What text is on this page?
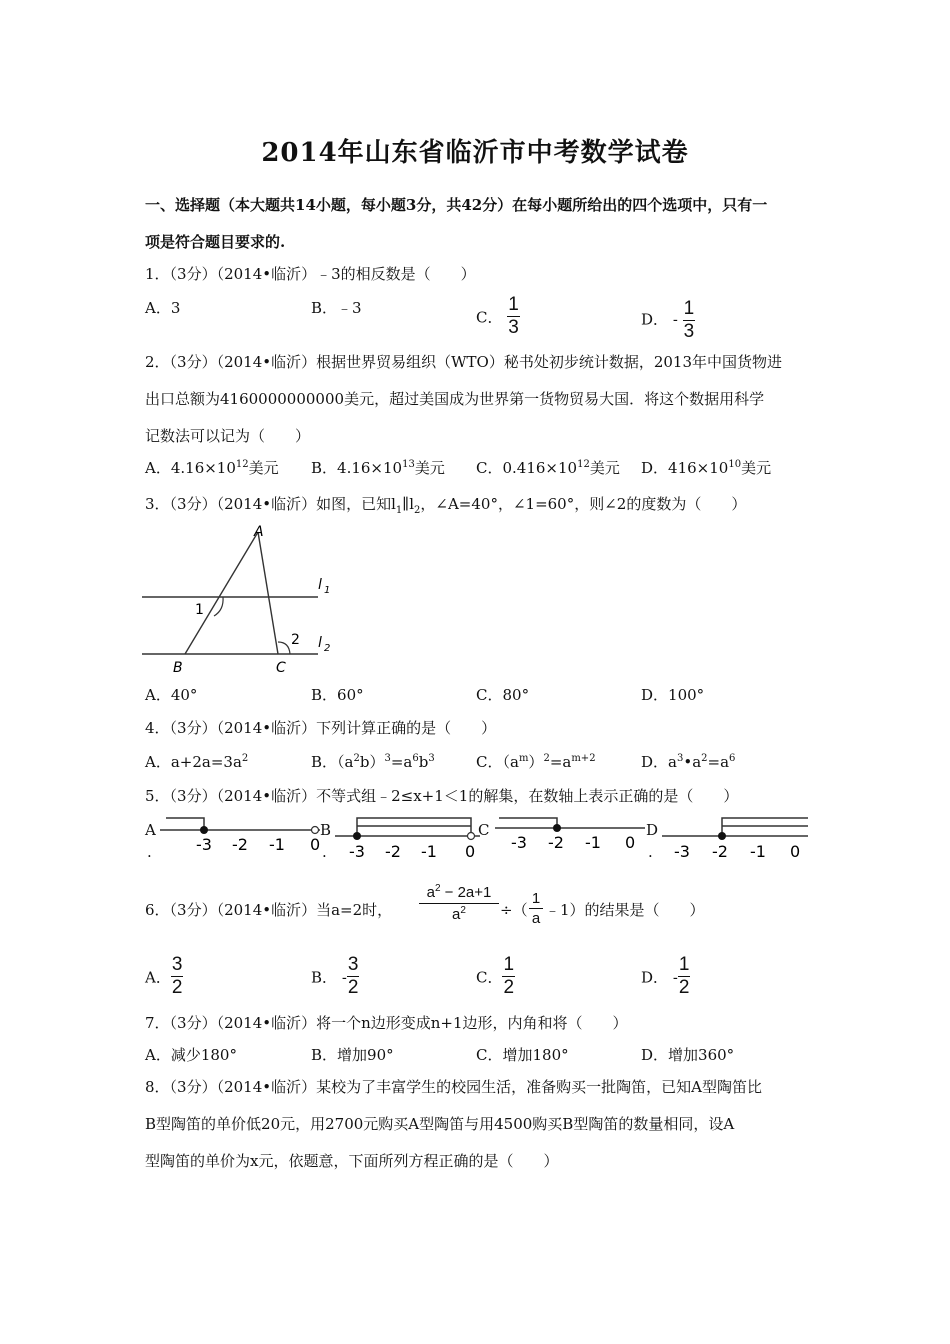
2014年山东省临沂市中考数学试卷
一、选择题（本大题共14小题，每小题3分，共42分）在每小题所给出的四个选项中，只有一
项是符合题目要求的.
1．（3分）（2014•临沂）﹣3的相反数是（　　）
A．3	B．﹣3
C． $\frac{1}{3}$	D． - $\frac{1}{3}$
2．（3分）（2014•临沂）根据世界贸易组织（WTO）秘书处初步统计数据，2013年中国货物进
出口总额为4160000000000美元，超过美国成为世界第一货物贸易大国．将这个数据用科学
记数法可以记为（　　）
A．$4.16\times 10^{12}$美元 B．$4.16\times 10^{13}$美元 C．$0.416\times 10^{12}$美元 D．$416\times 10^{10}$美元
3．（3分）（2014•临沂）如图，已知$l_1\parallel l_2$，∠A=40°，∠1=60°，则∠2的度数为（　　）
A
B	C
1
2
l 1
l 2
A．40°	B．60°	C．80°	D．100°
4．（3分）（2014•临沂）下列计算正确的是（　　）
A．$a+2a=3a^2$	B．$(a^2b)^3=a^6b^3$	C．$(a^m)^2=a^{m+2}$	D．$a^3•a^2=a^6$
5．（3分）（2014•临沂）不等式组﹣2≤x+1＜1的解集，在数轴上表示正确的是（　　）
A
.	-3 -2 -1 0
B
. -3 -2 -1 0
C
-3 -2 -1 0
D
. -3 -2 -1 0
6．（3分）（2014•临沂）当a=2时， $\frac{a^2 - 2a+1}{a^2}$ ÷（
1
a ﹣1）的结果是（　　）
A． $\frac{3}{2}$	B． - $\frac{3}{2}$	C． $\frac{1}{2}$	D． - $\frac{1}{2}$
7．（3分）（2014•临沂）将一个n边形变成n+1边形，内角和将（　　）
A．减少180°	B．增加90°	C．增加180°	D．增加360°
8．（3分）（2014•临沂）某校为了丰富学生的校园生活，准备购买一批陶笛，已知A型陶笛比
B型陶笛的单价低20元，用2700元购买A型陶笛与用4500购买B型陶笛的数量相同，设A
型陶笛的单价为x元，依题意，下面所列方程正确的是（　　）
